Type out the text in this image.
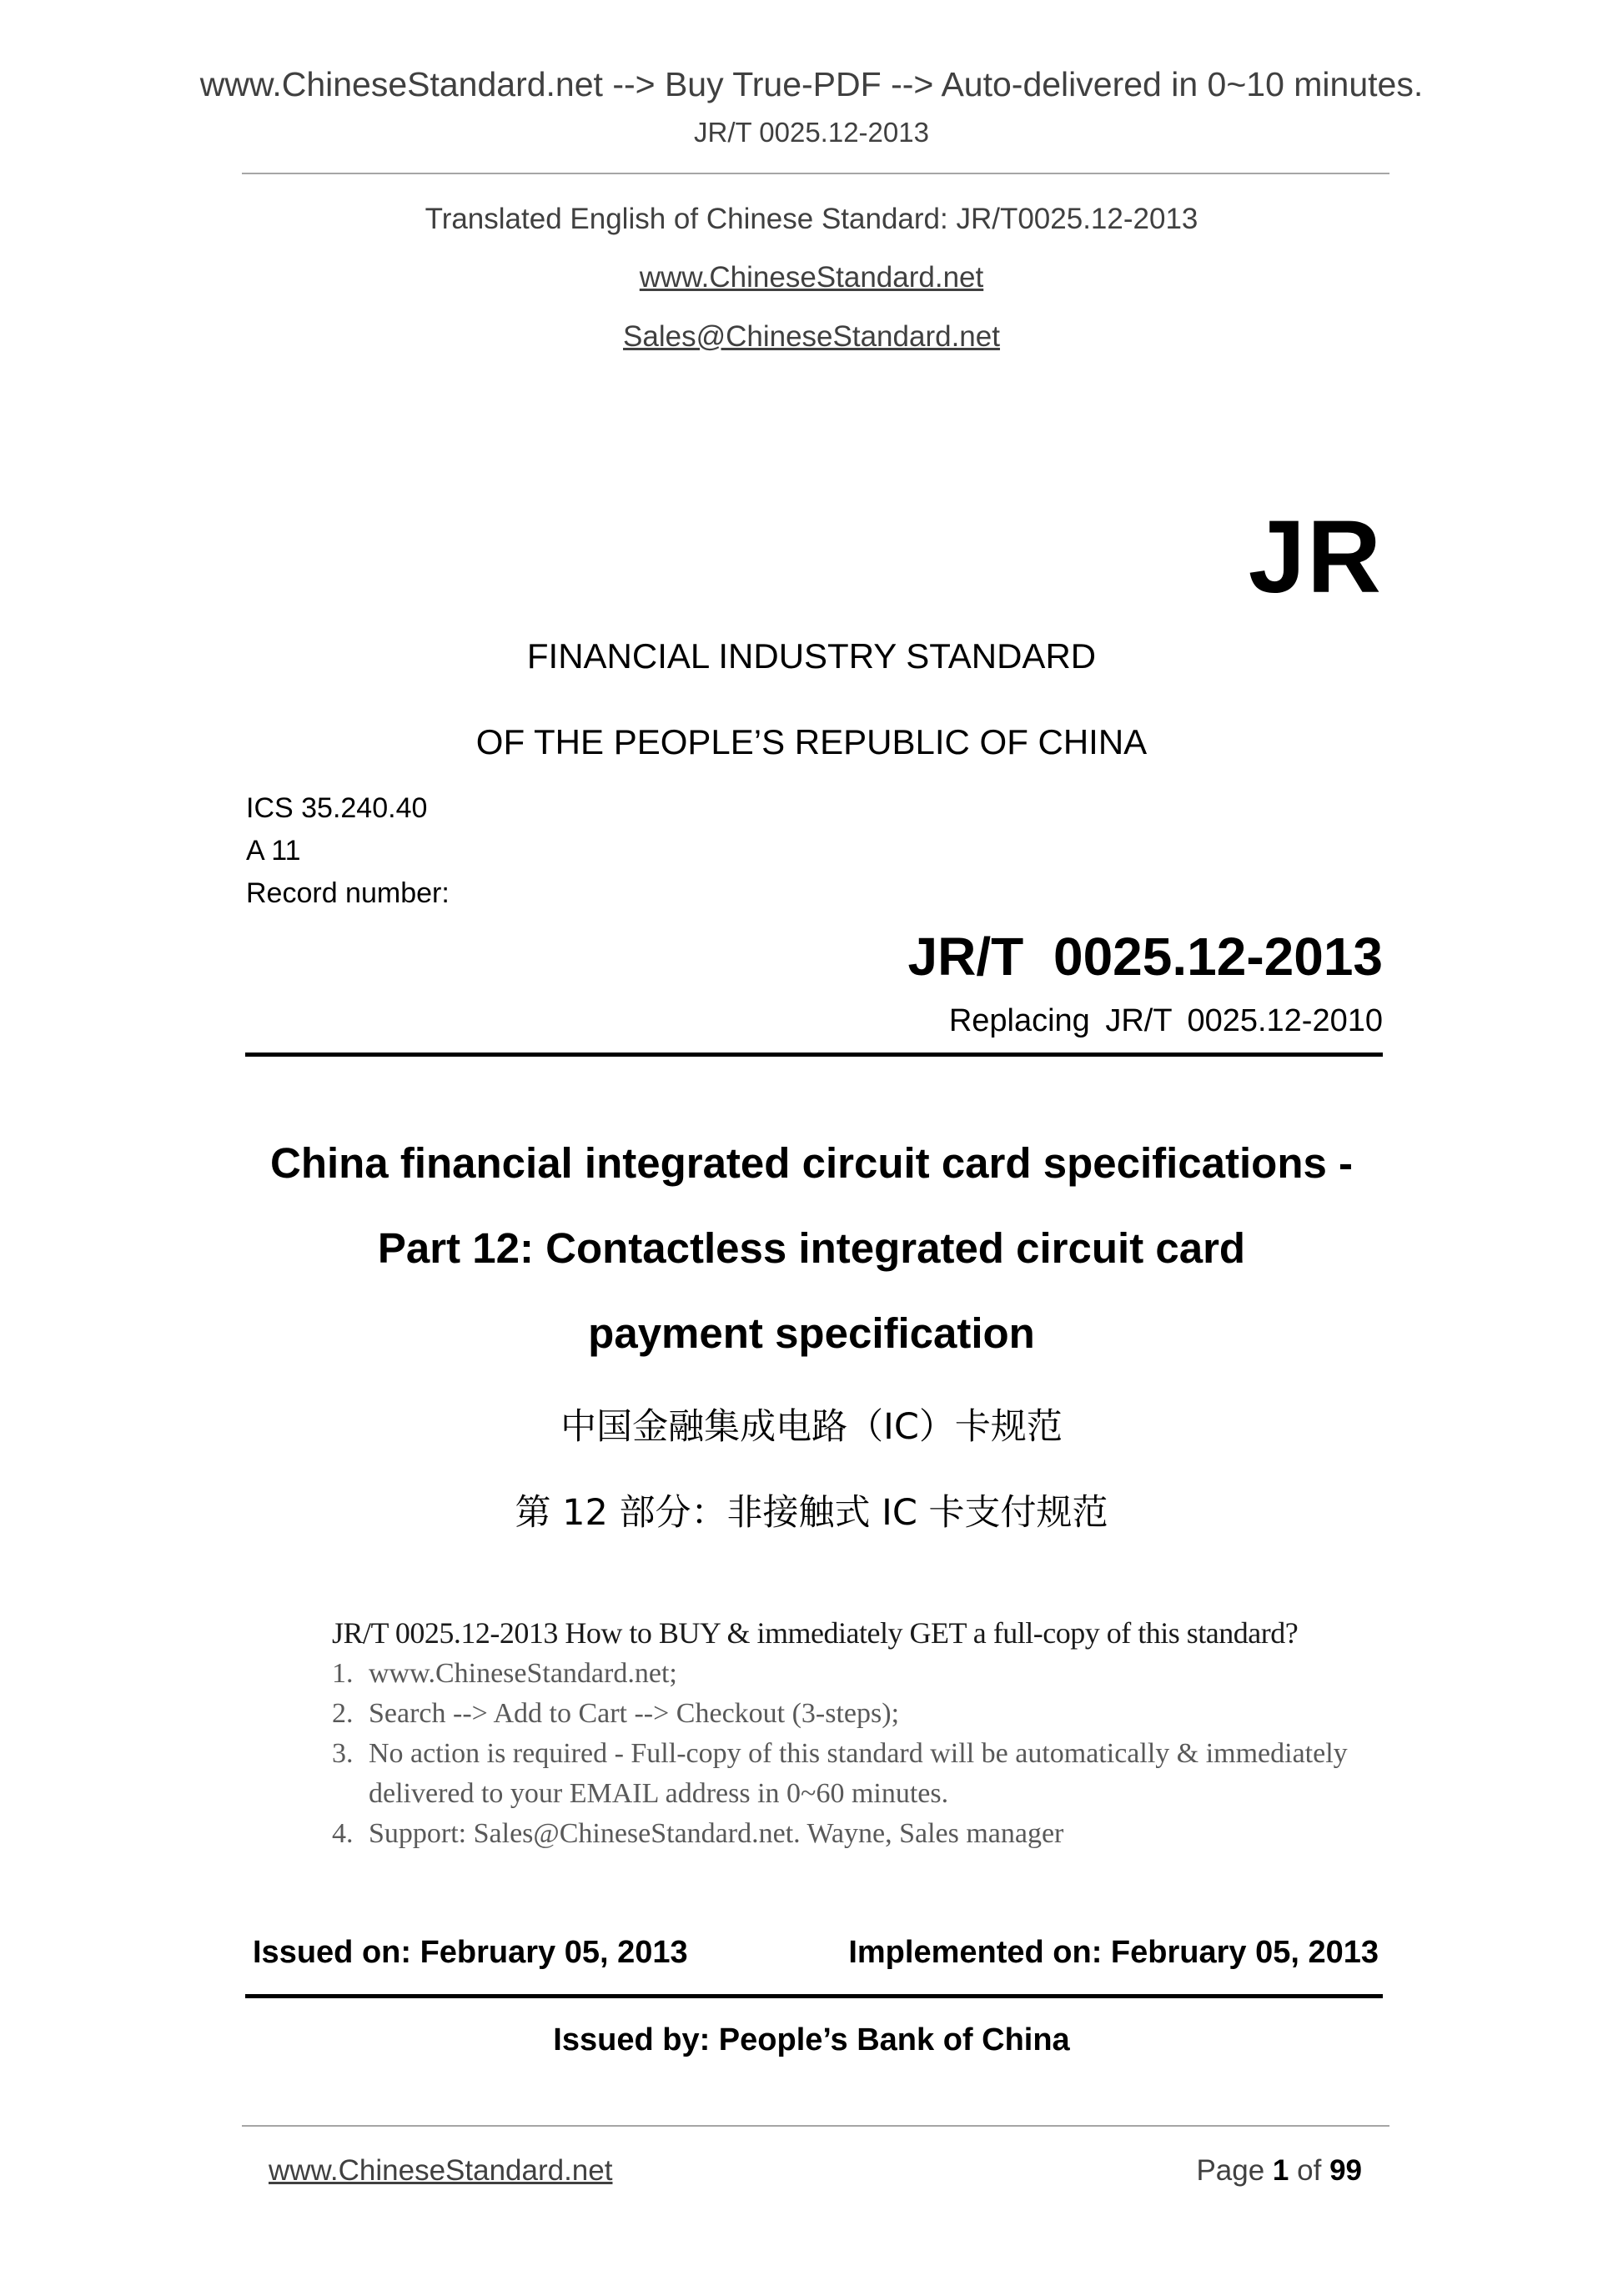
www.ChineseStandard.net --> Buy True-PDF --> Auto-delivered in 0~10 minutes.
JR/T 0025.12-2013
Translated English of Chinese Standard: JR/T0025.12-2013
www.ChineseStandard.net
Sales@ChineseStandard.net
JR
FINANCIAL INDUSTRY STANDARD
OF THE PEOPLE’S REPUBLIC OF CHINA
ICS 35.240.40
A 11
Record number:
JR/T 0025.12-2013
Replacing JR/T 0025.12-2010
China financial integrated circuit card specifications -
Part 12: Contactless integrated circuit card
payment specification
中国金融集成电路（IC）卡规范
第 12 部分：非接触式 IC 卡支付规范
JR/T 0025.12-2013 How to BUY & immediately GET a full-copy of this standard?
1. www.ChineseStandard.net;
2. Search --> Add to Cart --> Checkout (3-steps);
3. No action is required - Full-copy of this standard will be automatically & immediately delivered to your EMAIL address in 0~60 minutes.
4. Support: Sales@ChineseStandard.net. Wayne, Sales manager
Issued on: February 05, 2013	Implemented on: February 05, 2013
Issued by: People’s Bank of China
www.ChineseStandard.net	Page 1 of 99
